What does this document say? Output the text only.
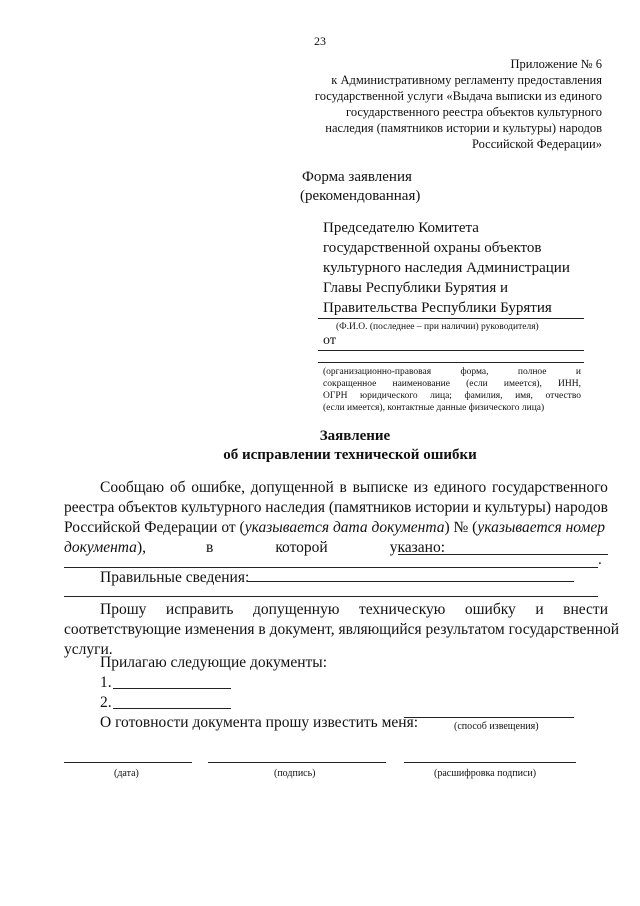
23
Приложение № 6
к Административному регламенту предоставления
государственной услуги «Выдача выписки из единого
государственного реестра объектов культурного
наследия (памятников истории и культуры) народов
Российской Федерации»
Форма заявления
(рекомендованная)
Председателю Комитета
государственной охраны объектов
культурного наследия Администрации
Главы Республики Бурятия и
Правительства Республики Бурятия
(Ф.И.О. (последнее – при наличии) руководителя)
от
(организационно-правовая форма, полное и
сокращенное наименование (если имеется), ИНН,
ОГРН юридического лица; фамилия, имя, отчество
(если имеется), контактные данные физического лица)
Заявление
об исправлении технической ошибки
Сообщаю об ошибке, допущенной в выписке из единого государственного
реестра объектов культурного наследия (памятников истории и культуры) народов
Российской Федерации от ( указывается дата документа ) № ( указывается номер
документа),	в	которой	указано:
.
Правильные сведения:
Прошу исправить допущенную техническую ошибку и внести
соответствующие изменения в документ, являющийся результатом государственной
услуги.
Прилагаю следующие документы:
1.
2.
О готовности документа прошу известить меня:	(способ извещения)
(дата)	(подпись)	(расшифровка подписи)
